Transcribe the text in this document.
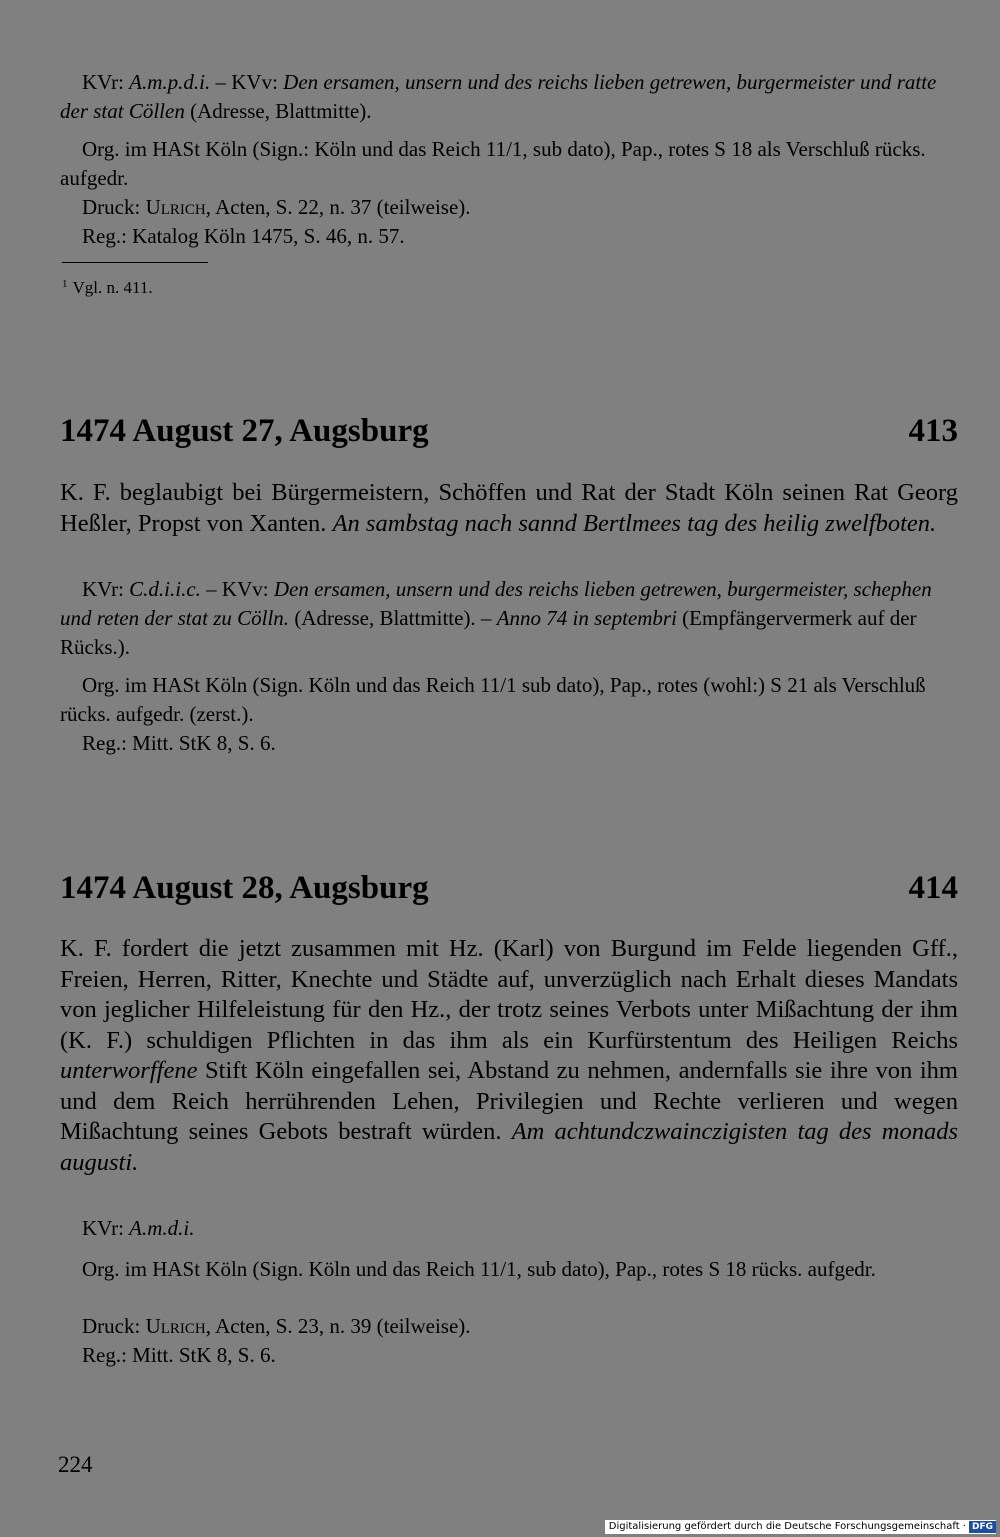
KVr: A.m.p.d.i. – KVv: Den ersamen, unsern und des reichs lieben getrewen, burgermeister und ratte der stat Cöllen (Adresse, Blattmitte).

Org. im HASt Köln (Sign.: Köln und das Reich 11/1, sub dato), Pap., rotes S 18 als Verschluß rücks. aufgedr.

Druck: Ulrich, Acten, S. 22, n. 37 (teilweise).
Reg.: Katalog Köln 1475, S. 46, n. 57.
$^1$ Vgl. n. 411.
1474 August 27, Augsburg	413

K. F. beglaubigt bei Bürgermeistern, Schöffen und Rat der Stadt Köln seinen Rat Georg Heßler, Propst von Xanten. An sambstag nach sannd Bertlmees tag des heilig zwelfboten.

KVr: C.d.i.i.c. – KVv: Den ersamen, unsern und des reichs lieben getrewen, burgermeister, schephen und reten der stat zu Cölln. (Adresse, Blattmitte). – Anno 74 in septembri (Empfängervermerk auf der Rücks.).

Org. im HASt Köln (Sign. Köln und das Reich 11/1 sub dato), Pap., rotes (wohl:) S 21 als Verschluß rücks. aufgedr. (zerst.).

Reg.: Mitt. StK 8, S. 6.
1474 August 28, Augsburg	414

K. F. fordert die jetzt zusammen mit Hz. (Karl) von Burgund im Felde liegenden Gff., Freien, Herren, Ritter, Knechte und Städte auf, unverzüglich nach Erhalt dieses Mandats von jeglicher Hilfeleistung für den Hz., der trotz seines Verbots unter Mißachtung der ihm (K. F.) schuldigen Pflichten in das ihm als ein Kurfürstentum des Heiligen Reichs unterworffene Stift Köln eingefallen sei, Abstand zu nehmen, andernfalls sie ihre von ihm und dem Reich herrührenden Lehen, Privilegien und Rechte verlieren und wegen Mißachtung seines Gebots bestraft würden. Am achtundczwainczigisten tag des monads augusti.

KVr: A.m.d.i.

Org. im HASt Köln (Sign. Köln und das Reich 11/1, sub dato), Pap., rotes S 18 rücks. aufgedr.

Druck: Ulrich, Acten, S. 23, n. 39 (teilweise).
Reg.: Mitt. StK 8, S. 6.
224
Digitalisierung gefördert durch die Deutsche Forschungsgemeinschaft · DFG
